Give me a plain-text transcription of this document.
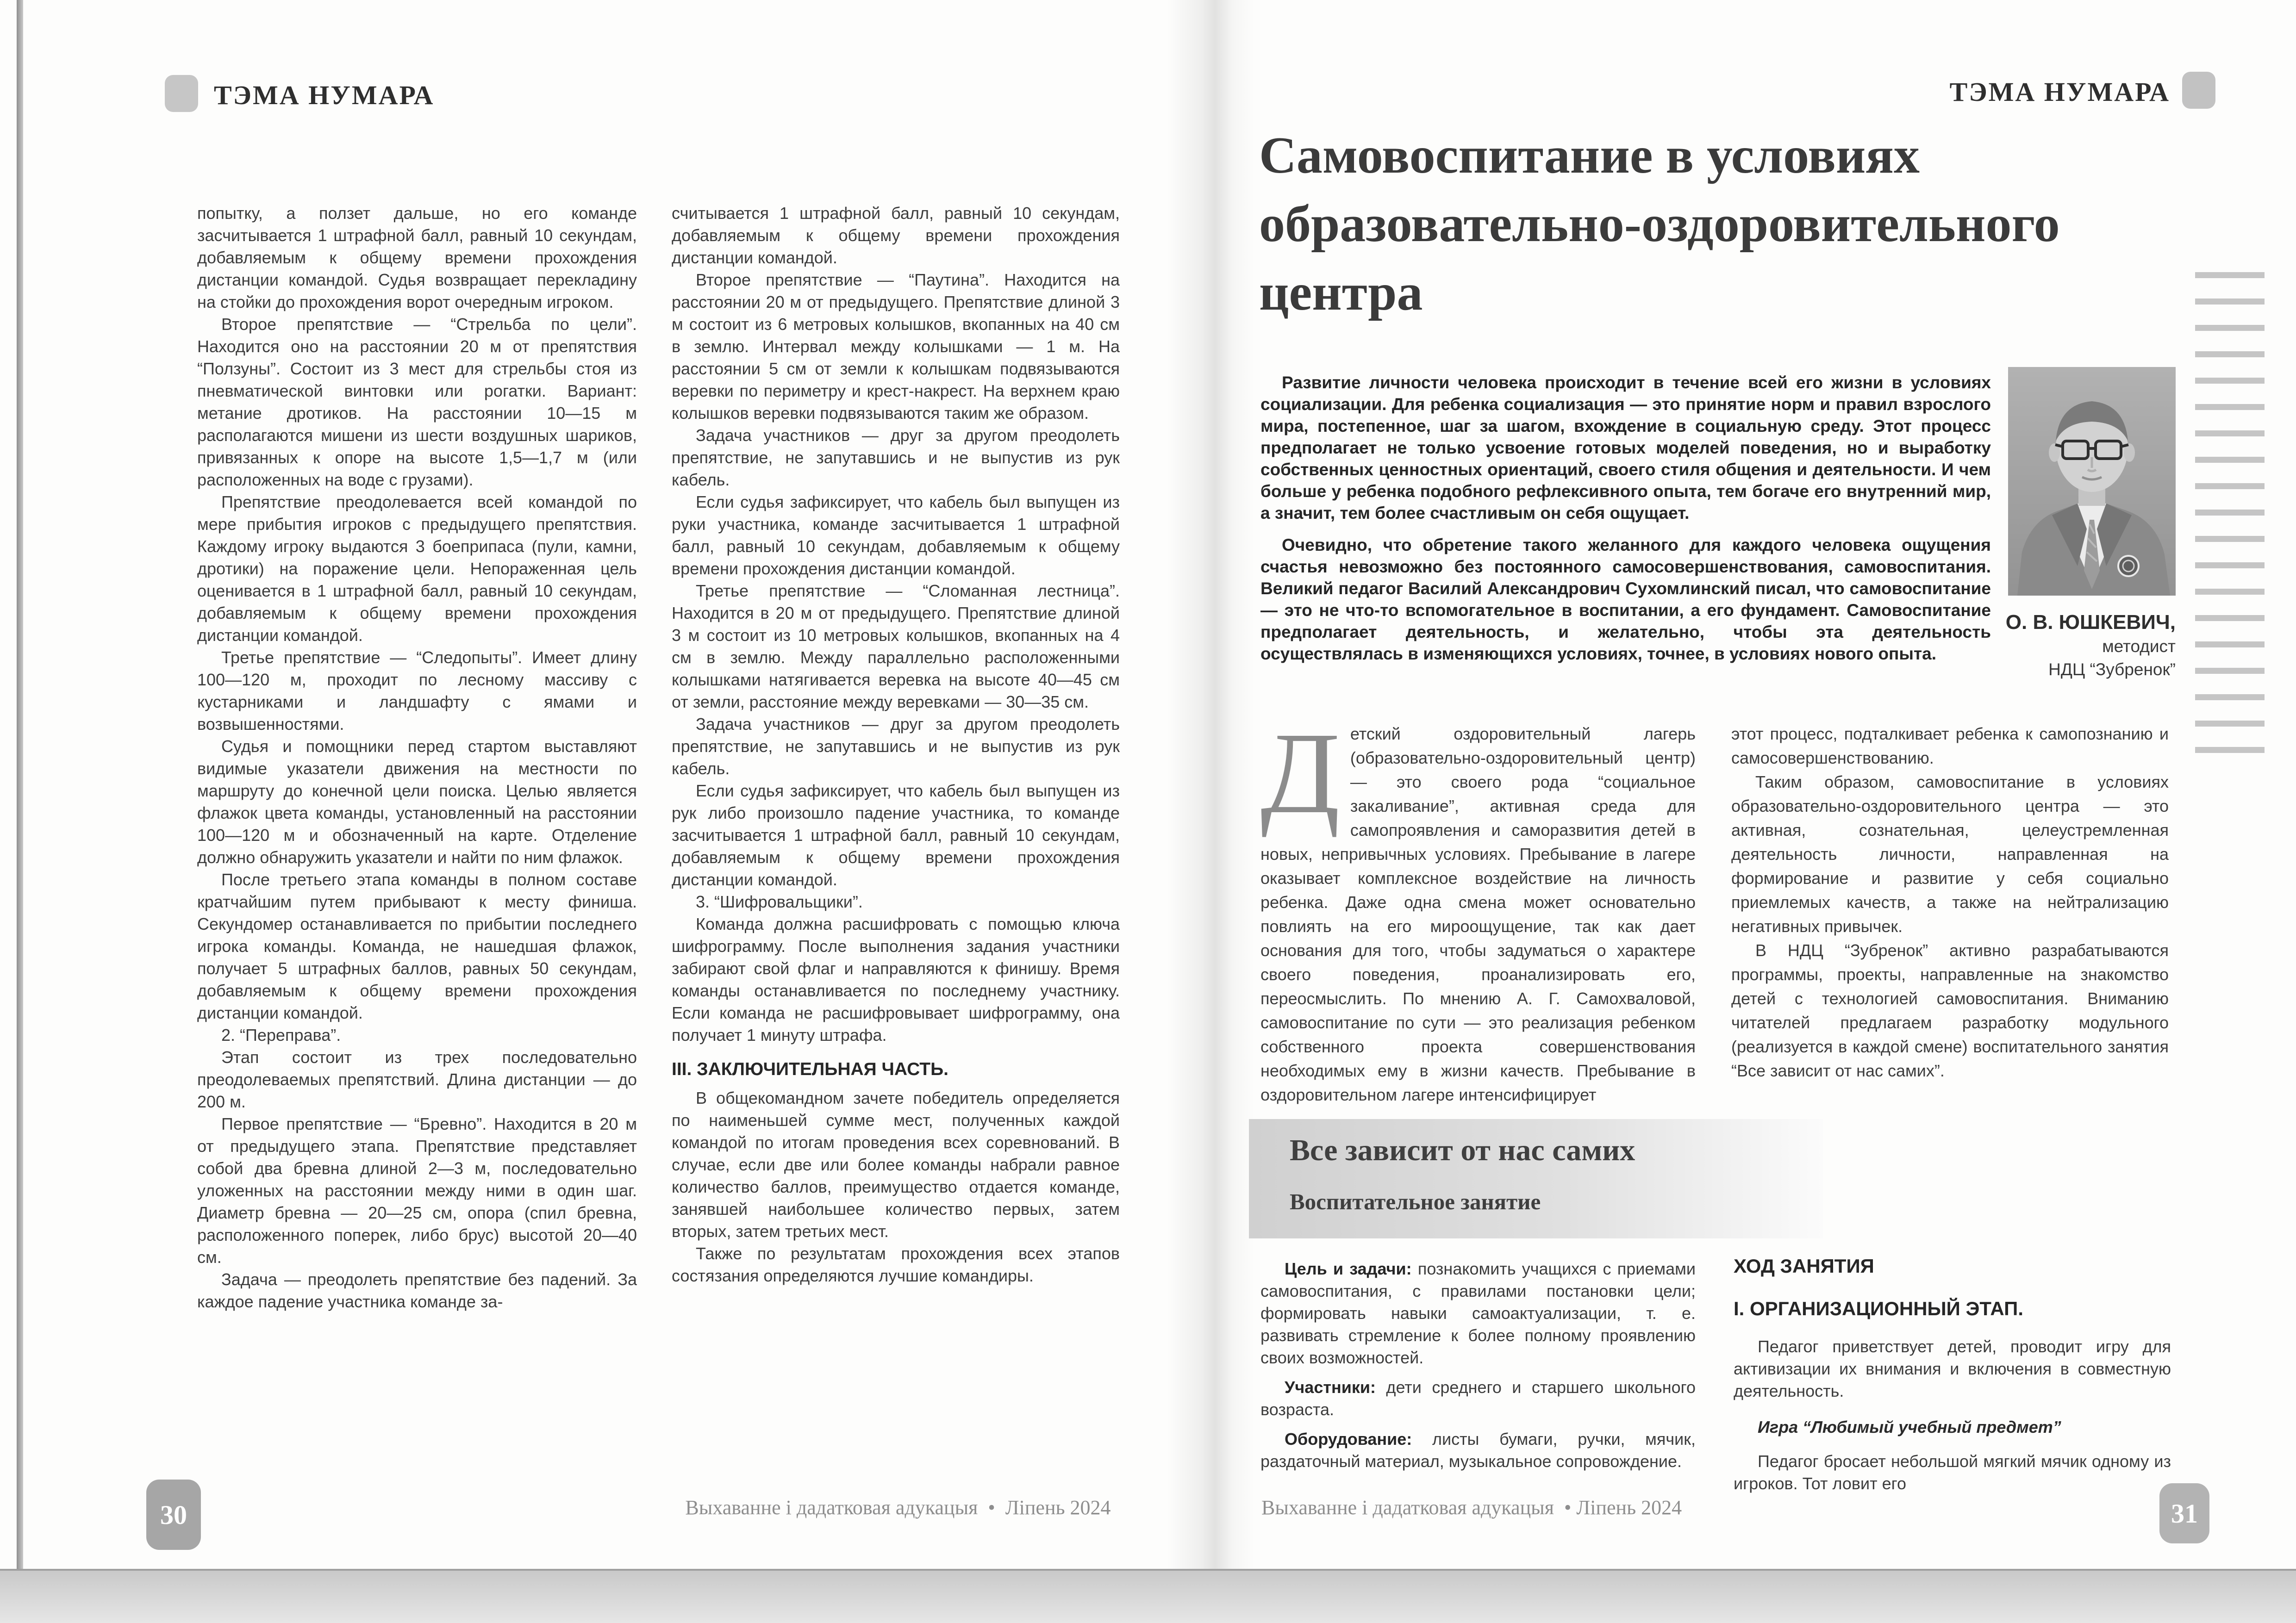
ТЭМА НУМАРА

попытку, а ползет дальше, но его команде засчитывается 1 штрафной балл, равный 10 секундам, добавляемым к общему времени прохождения дистанции командой. Судья возвращает перекладину на стойки до прохождения ворот очередным игроком.

Второе препятствие — “Стрельба по цели”. Находится оно на расстоянии 20 м от препятствия “Ползуны”. Состоит из 3 мест для стрельбы стоя из пневматической винтовки или рогатки. Вариант: метание дротиков. На расстоянии 10—15 м располагаются мишени из шести воздушных шариков, привязанных к опоре на высоте 1,5—1,7 м (или расположенных на воде с грузами).

Препятствие преодолевается всей командой по мере прибытия игроков с предыдущего препятствия. Каждому игроку выдаются 3 боеприпаса (пули, камни, дротики) на поражение цели. Непораженная цель оценивается в 1 штрафной балл, равный 10 секундам, добавляемым к общему времени прохождения дистанции командой.

Третье препятствие — “Следопыты”. Имеет длину 100—120 м, проходит по лесному массиву с кустарниками и ландшафту с ямами и возвышенностями.

Судья и помощники перед стартом выставляют видимые указатели движения на местности по маршруту до конечной цели поиска. Целью является флажок цвета команды, установленный на расстоянии 100—120 м и обозначенный на карте. Отделение должно обнаружить указатели и найти по ним флажок.

После третьего этапа команды в полном составе кратчайшим путем прибывают к месту финиша. Секундомер останавливается по прибытии последнего игрока команды. Команда, не нашедшая флажок, получает 5 штрафных баллов, равных 50 секундам, добавляемым к общему времени прохождения дистанции командой.

2. “Переправа”.

Этап состоит из трех последовательно преодолеваемых препятствий. Длина дистанции — до 200 м.

Первое препятствие — “Бревно”. Находится в 20 м от предыдущего этапа. Препятствие представляет собой два бревна длиной 2—3 м, последовательно уложенных на расстоянии между ними в один шаг. Диаметр бревна — 20—25 см, опора (спил бревна, расположенного поперек, либо брус) высотой 20—40 см.

Задача — преодолеть препятствие без падений. За каждое падение участника команде за-

считывается 1 штрафной балл, равный 10 секундам, добавляемым к общему времени прохождения дистанции командой.

Второе препятствие — “Паутина”. Находится на расстоянии 20 м от предыдущего. Препятствие длиной 3 м состоит из 6 метровых колышков, вкопанных на 40 см в землю. Интервал между колышками — 1 м. На расстоянии 5 см от земли к колышкам подвязываются веревки по периметру и крест-накрест. На верхнем краю колышков веревки подвязываются таким же образом.

Задача участников — друг за другом преодолеть препятствие, не запутавшись и не выпустив из рук кабель.

Если судья зафиксирует, что кабель был выпущен из руки участника, команде засчитывается 1 штрафной балл, равный 10 секундам, добавляемым к общему времени прохождения дистанции командой.

Третье препятствие — “Сломанная лестница”. Находится в 20 м от предыдущего. Препятствие длиной 3 м состоит из 10 метровых колышков, вкопанных на 4 см в землю. Между параллельно расположенными колышками натягивается веревка на высоте 40—45 см от земли, расстояние между веревками — 30—35 см.

Задача участников — друг за другом преодолеть препятствие, не запутавшись и не выпустив из рук кабель.

Если судья зафиксирует, что кабель был выпущен из рук либо произошло падение участника, то команде засчитывается 1 штрафной балл, равный 10 секундам, добавляемым к общему времени прохождения дистанции командой.

3. “Шифровальщики”.

Команда должна расшифровать с помощью ключа шифрограмму. После выполнения задания участники забирают свой флаг и направляются к финишу. Время команды останавливается по последнему участнику. Если команда не расшифровывает шифрограмму, она получает 1 минуту штрафа.

III. ЗАКЛЮЧИТЕЛЬНАЯ ЧАСТЬ.

В общекомандном зачете победитель определяется по наименьшей сумме мест, полученных каждой командой по итогам проведения всех соревнований. В случае, если две или более команды набрали равное количество баллов, преимущество отдается команде, занявшей наибольшее количество первых, затем вторых, затем третьих мест.

Также по результатам прохождения всех этапов состязания определяются лучшие командиры.

Выхаванне і дадатковая адукацыя • Ліпень 2024
30
ТЭМА НУМАРА
Самовоспитание в условиях образовательно-оздоровительного центра

Развитие личности человека происходит в течение всей его жизни в условиях социализации. Для ребенка социализация — это принятие норм и правил взрослого мира, постепенное, шаг за шагом, вхождение в социальную среду. Этот процесс предполагает не только усвоение готовых моделей поведения, но и выработку собственных ценностных ориентаций, своего стиля общения и деятельности. И чем больше у ребенка подобного рефлексивного опыта, тем богаче его внутренний мир, а значит, тем более счастливым он себя ощущает.

Очевидно, что обретение такого желанного для каждого человека ощущения счастья невозможно без постоянного самосовершенствования, самовоспитания. Великий педагог Василий Александрович Сухомлинский писал, что самовоспитание — это не что-то вспомогательное в воспитании, а его фундамент. Самовоспитание предполагает деятельность, и желательно, чтобы эта деятельность осуществлялась в изменяющихся условиях, точнее, в условиях нового опыта.

О. В. ЮШКЕВИЧ,
методист
НДЦ “Зубренок”

Детский оздоровительный лагерь (образовательно-оздоровительный центр) — это своего рода “социальное закаливание”, активная среда для самопроявления и саморазвития детей в новых, непривычных условиях. Пребывание в лагере оказывает комплексное воздействие на личность ребенка. Даже одна смена может основательно повлиять на его мироощущение, так как дает основания для того, чтобы задуматься о характере своего поведения, проанализировать его, переосмыслить. По мнению А. Г. Самохваловой, самовоспитание по сути — это реализация ребенком собственного проекта совершенствования необходимых ему в жизни качеств. Пребывание в оздоровительном лагере интенсифицирует

этот процесс, подталкивает ребенка к самопознанию и самосовершенствованию.

Таким образом, самовоспитание в условиях образовательно-оздоровительного центра — это активная, сознательная, целеустремленная деятельность личности, направленная на формирование и развитие у себя социально приемлемых качеств, а также на нейтрализацию негативных привычек.

В НДЦ “Зубренок” активно разрабатываются программы, проекты, направленные на знакомство детей с технологией самовоспитания. Вниманию читателей предлагаем разработку модульного (реализуется в каждой смене) воспитательного занятия “Все зависит от нас самих”.

Все зависит от нас самих
Воспитательное занятие

Цель и задачи: познакомить учащихся с приемами самовоспитания, с правилами постановки цели; формировать навыки самоактуализации, т. е. развивать стремление к более полному проявлению своих возможностей.

Участники: дети среднего и старшего школьного возраста.

Оборудование: листы бумаги, ручки, мячик, раздаточный материал, музыкальное сопровождение.

ХОД ЗАНЯТИЯ

I. ОРГАНИЗАЦИОННЫЙ ЭТАП.

Педагог приветствует детей, проводит игру для активизации их внимания и включения в совместную деятельность.

Игра “Любимый учебный предмет”

Педагог бросает небольшой мягкий мячик одному из игроков. Тот ловит его

Выхаванне і дадатковая адукацыя • Ліпень 2024	31
